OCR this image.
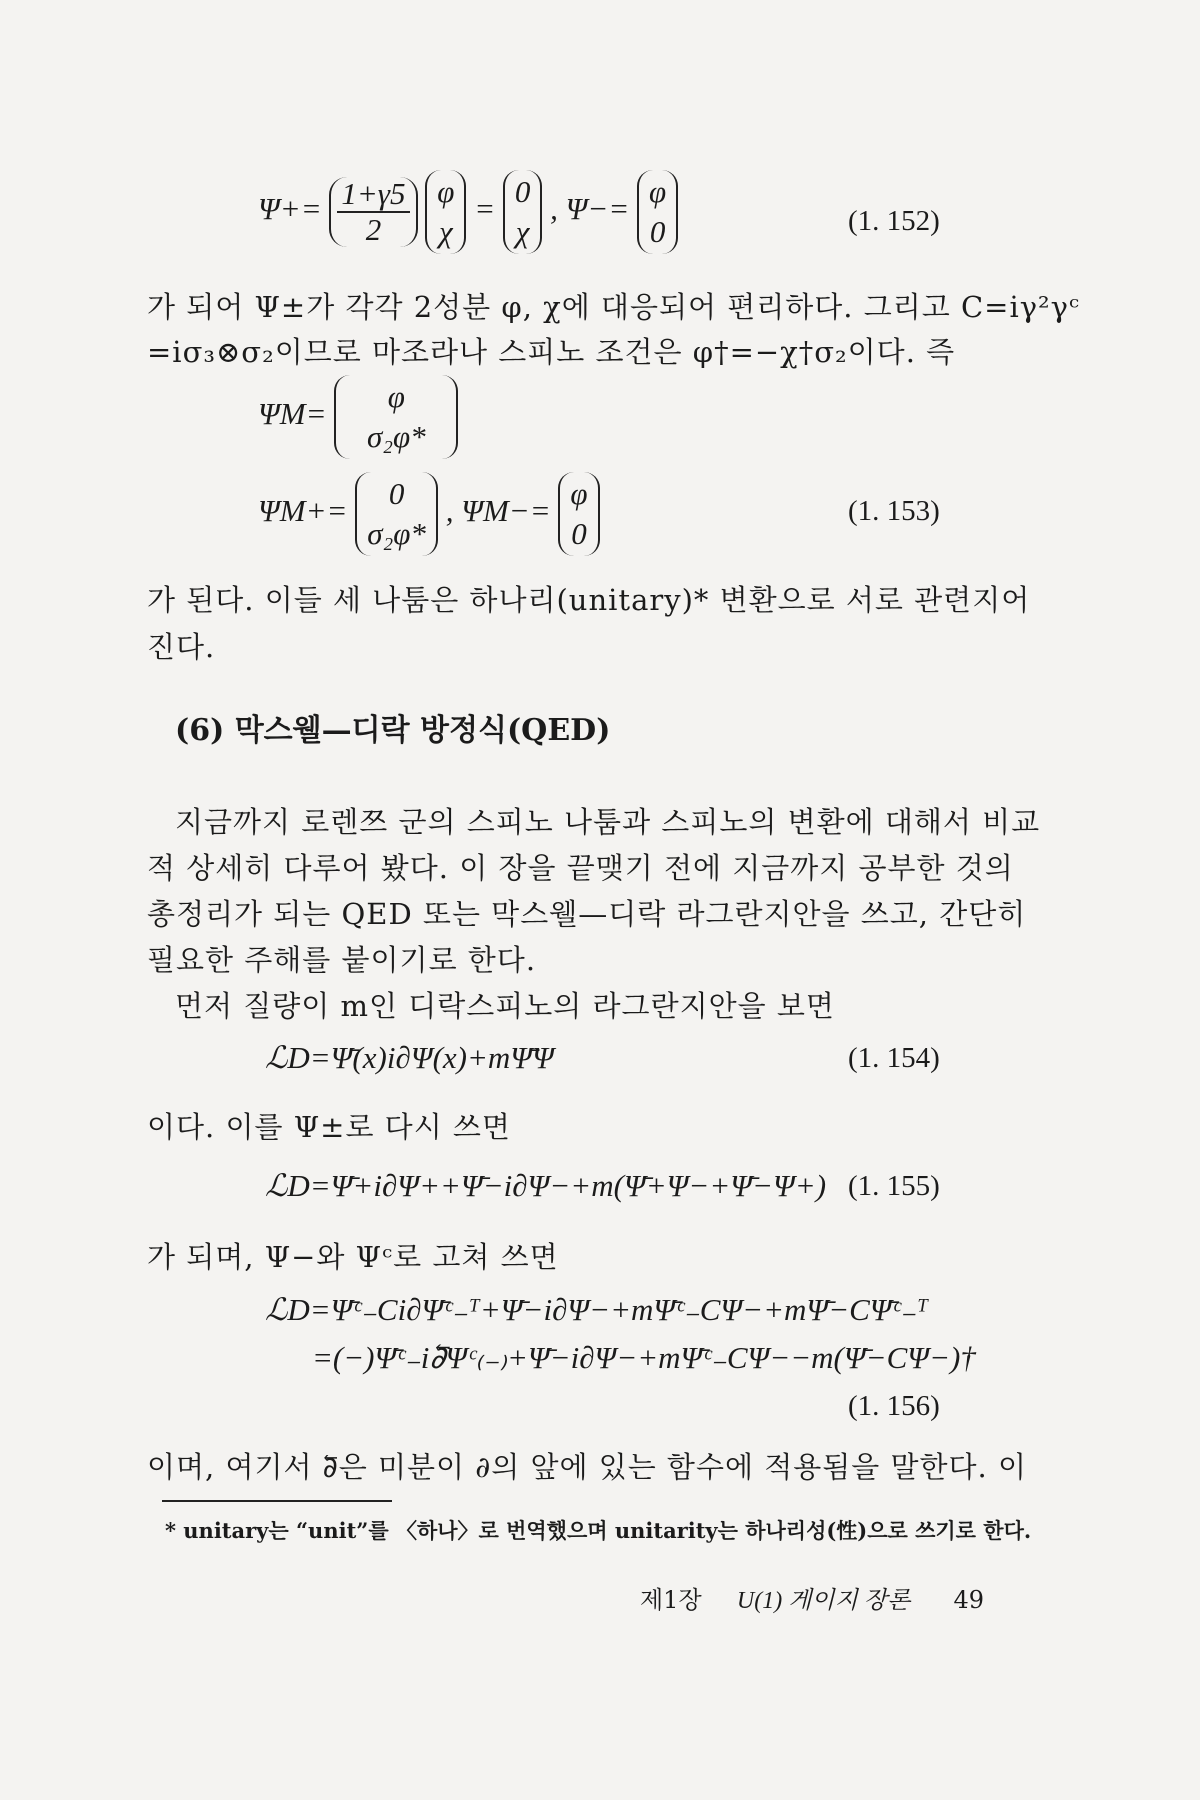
$\Psi+= \frac{1+\gamma 5}{2}$ φ
χ = 0
χ , Ψ−= φ
0	(1. 152)
가 되어 Ψ±가 각각 2성분 φ, χ에 대응되어 편리하다. 그리고 C=iγ²γᶜ
=iσ₃⊗σ₂이므로 마조라나 스피노 조건은 φ†=−χ†σ₂이다. 즉
ΨM= φ
σ₂φ*
ΨM+= 0
σ₂φ* , ΨM−= φ
0
(1. 153)
가 된다. 이들 세 나툼은 하나리(unitary)* 변환으로 서로 관련지어
진다.
(6) 막스웰—디락 방정식(QED)
지금까지 로렌쯔 군의 스피노 나툼과 스피노의 변환에 대해서 비교
적 상세히 다루어 봤다. 이 장을 끝맺기 전에 지금까지 공부한 것의
총정리가 되는 QED 또는 막스웰—디락 라그란지안을 쓰고, 간단히
필요한 주해를 붙이기로 한다.
먼저 질량이 m인 디락스피노의 라그란지안을 보면
ℒD=Ψ̄(x)i∂Ψ(x)+mΨ̄Ψ	(1. 154)
이다. 이를 Ψ±로 다시 쓰면
ℒD=Ψ̄+i∂Ψ++Ψ̄−i∂Ψ−+m(Ψ̄+Ψ−+Ψ̄−Ψ+) (1. 155)
가 되며, Ψ−와 Ψᶜ로 고쳐 쓰면
ℒD=Ψ̄ᶜ₋Ci∂Ψ̄ᶜ₋ᵀ+Ψ̄−i∂Ψ−+mΨ̄ᶜ₋CΨ−+mΨ̄−CΨ̄ᶜ₋ᵀ
=(−)Ψ̄ᶜ₋i∂⃖Ψᶜ₍₋₎+Ψ̄−i∂Ψ−+mΨ̄ᶜ₋CΨ−−m(Ψ̄−CΨ−)†
(1. 156)
이며, 여기서 ∂⃖은 미분이 ∂의 앞에 있는 함수에 적용됨을 말한다. 이
* unitary는 “unit”를 〈하나〉로 번역했으며 unitarity는 하나리성(性)으로 쓰기로 한다.
제1장 U(1) 게이지 장론 49
